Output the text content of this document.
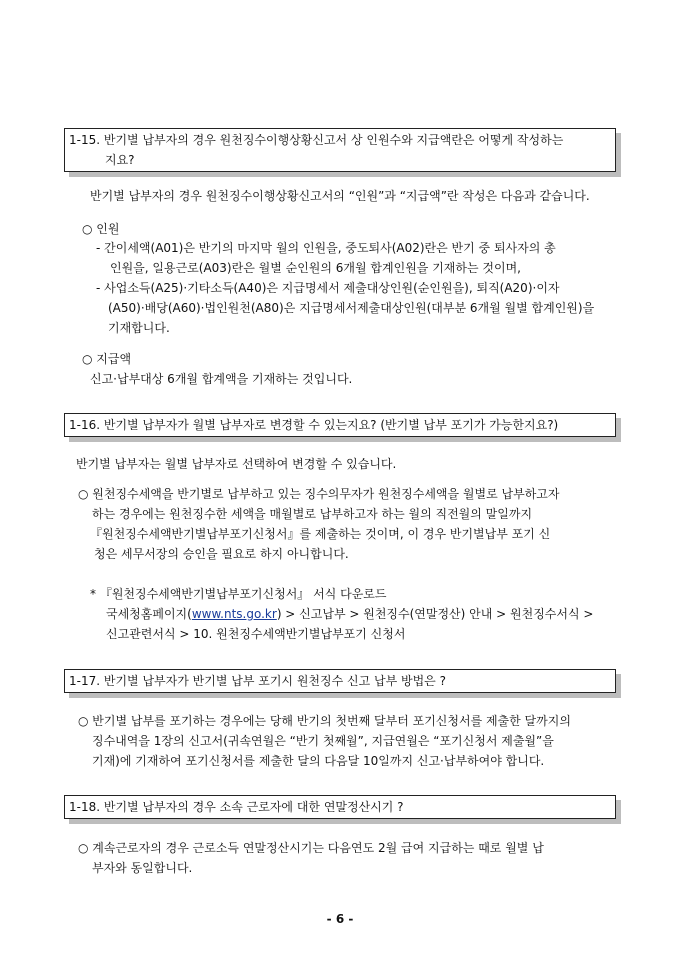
1-15. 반기별 납부자의 경우 원천징수이행상황신고서 상 인원수와 지급액란은 어떻게 작성하는
지요?
반기별 납부자의 경우 원천징수이행상황신고서의 “인원”과 “지급액”란 작성은 다음과 같습니다.
○ 인원
- 간이세액(A01)은 반기의 마지막 월의 인원을, 중도퇴사(A02)란은 반기 중 퇴사자의 총
인원을, 일용근로(A03)란은 월별 순인원의 6개월 합계인원을 기재하는 것이며,
- 사업소득(A25)·기타소득(A40)은 지급명세서 제출대상인원(순인원을), 퇴직(A20)·이자
(A50)·배당(A60)·법인원천(A80)은 지급명세서제출대상인원(대부분 6개월 월별 합계인원)을
기재합니다.
○ 지급액
신고·납부대상 6개월 합계액을 기재하는 것입니다.
1-16. 반기별 납부자가 월별 납부자로 변경할 수 있는지요? (반기별 납부 포기가 가능한지요?)
반기별 납부자는 월별 납부자로 선택하여 변경할 수 있습니다.
○ 원천징수세액을 반기별로 납부하고 있는 징수의무자가 원천징수세액을 월별로 납부하고자
하는 경우에는 원천징수한 세액을 매월별로 납부하고자 하는 월의 직전월의 말일까지
『원천징수세액반기별납부포기신청서』를 제출하는 것이며, 이 경우 반기별납부 포기 신
청은 세무서장의 승인을 필요로 하지 아니합니다.
* 『원천징수세액반기별납부포기신청서』 서식 다운로드
국세청홈페이지(www.nts.go.kr) > 신고납부 > 원천징수(연말정산) 안내 > 원천징수서식 >
신고관련서식 > 10. 원천징수세액반기별납부포기 신청서
1-17. 반기별 납부자가 반기별 납부 포기시 원천징수 신고 납부 방법은 ?
○ 반기별 납부를 포기하는 경우에는 당해 반기의 첫번째 달부터 포기신청서를 제출한 달까지의
징수내역을 1장의 신고서(귀속연월은 “반기 첫째월”, 지급연월은 “포기신청서 제출월”을
기재)에 기재하여 포기신청서를 제출한 달의 다음달 10일까지 신고·납부하여야 합니다.
1-18. 반기별 납부자의 경우 소속 근로자에 대한 연말정산시기 ?
○ 계속근로자의 경우 근로소득 연말정산시기는 다음연도 2월 급여 지급하는 때로 월별 납
부자와 동일합니다.
- 6 -
